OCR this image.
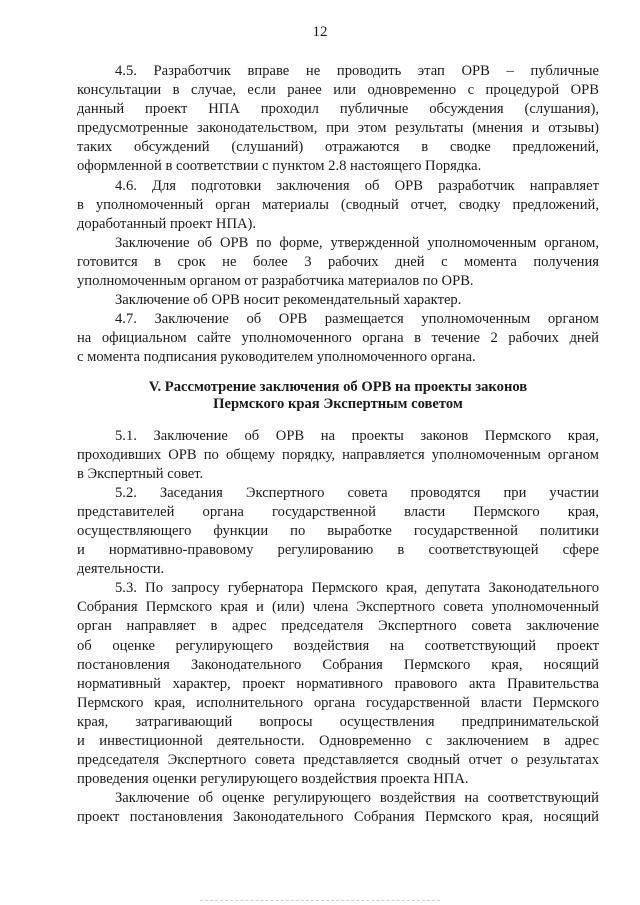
12
4.5. Разработчик вправе не проводить этап ОРВ – публичные
консультации в случае, если ранее или одновременно с процедурой ОРВ
данный проект НПА проходил публичные обсуждения (слушания),
предусмотренные законодательством, при этом результаты (мнения и отзывы)
таких обсуждений (слушаний) отражаются в сводке предложений,
оформленной в соответствии с пунктом 2.8 настоящего Порядка.
4.6. Для подготовки заключения об ОРВ разработчик направляет
в уполномоченный орган материалы (сводный отчет, сводку предложений,
доработанный проект НПА).
Заключение об ОРВ по форме, утвержденной уполномоченным органом,
готовится в срок не более 3 рабочих дней с момента получения
уполномоченным органом от разработчика материалов по ОРВ.
Заключение об ОРВ носит рекомендательный характер.
4.7. Заключение об ОРВ размещается уполномоченным органом
на официальном сайте уполномоченного органа в течение 2 рабочих дней
с момента подписания руководителем уполномоченного органа.
V. Рассмотрение заключения об ОРВ на проекты законов
Пермского края Экспертным советом
5.1. Заключение об ОРВ на проекты законов Пермского края,
проходивших ОРВ по общему порядку, направляется уполномоченным органом
в Экспертный совет.
5.2. Заседания Экспертного совета проводятся при участии
представителей органа государственной власти Пермского края,
осуществляющего функции по выработке государственной политики
и нормативно-правовому регулированию в соответствующей сфере
деятельности.
5.3. По запросу губернатора Пермского края, депутата Законодательного
Собрания Пермского края и (или) члена Экспертного совета уполномоченный
орган направляет в адрес председателя Экспертного совета заключение
об оценке регулирующего воздействия на соответствующий проект
постановления Законодательного Собрания Пермского края, носящий
нормативный характер, проект нормативного правового акта Правительства
Пермского края, исполнительного органа государственной власти Пермского
края, затрагивающий вопросы осуществления предпринимательской
и инвестиционной деятельности. Одновременно с заключением в адрес
председателя Экспертного совета представляется сводный отчет о результатах
проведения оценки регулирующего воздействия проекта НПА.
Заключение об оценке регулирующего воздействия на соответствующий
проект постановления Законодательного Собрания Пермского края, носящий
